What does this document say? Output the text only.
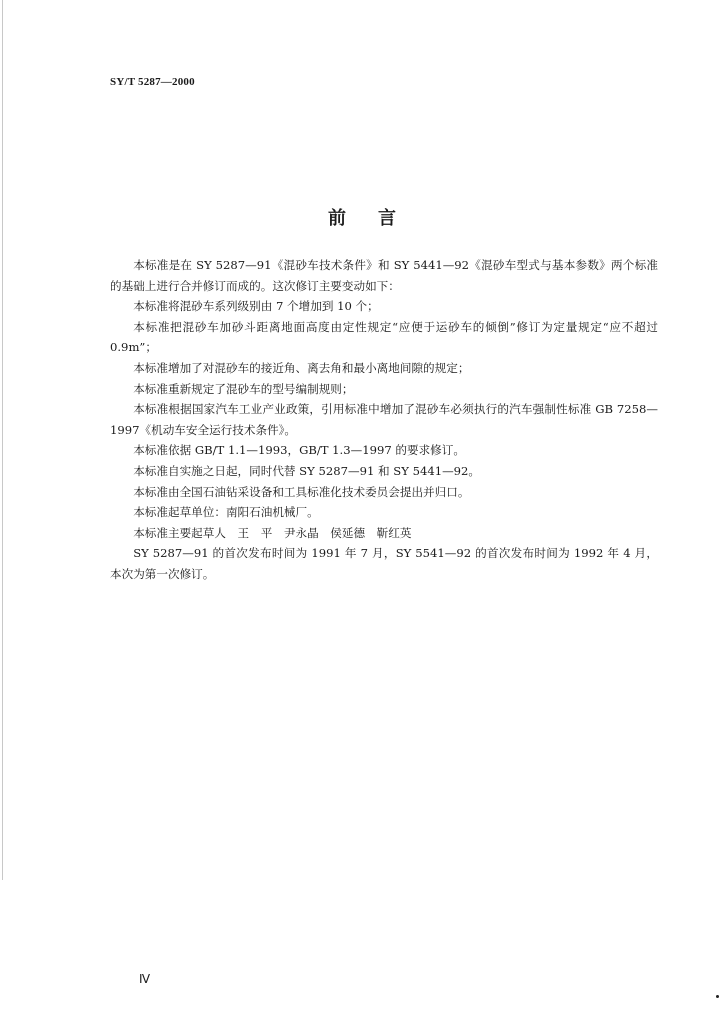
SY/T 5287—2000
前 言

本标准是在 SY 5287—91《混砂车技术条件》和 SY 5441—92《混砂车型式与基本参数》两个标准的基础上进行合并修订而成的。这次修订主要变动如下：

本标准将混砂车系列级别由 7 个增加到 10 个；

本标准把混砂车加砂斗距离地面高度由定性规定“应便于运砂车的倾倒”修订为定量规定“应不超过 0.9m”；

本标准增加了对混砂车的接近角、离去角和最小离地间隙的规定；

本标准重新规定了混砂车的型号编制规则；

本标准根据国家汽车工业产业政策，引用标准中增加了混砂车必须执行的汽车强制性标准 GB 7258—1997《机动车安全运行技术条件》。

本标准依据 GB/T 1.1—1993，GB/T 1.3—1997 的要求修订。

本标准自实施之日起，同时代替 SY 5287—91 和 SY 5441—92。

本标准由全国石油钻采设备和工具标准化技术委员会提出并归口。

本标准起草单位：南阳石油机械厂。

本标准主要起草人　王　平　尹永晶　侯延德　靳红英

SY 5287—91 的首次发布时间为 1991 年 7 月，SY 5541—92 的首次发布时间为 1992 年 4 月，本次为第一次修订。

Ⅳ
